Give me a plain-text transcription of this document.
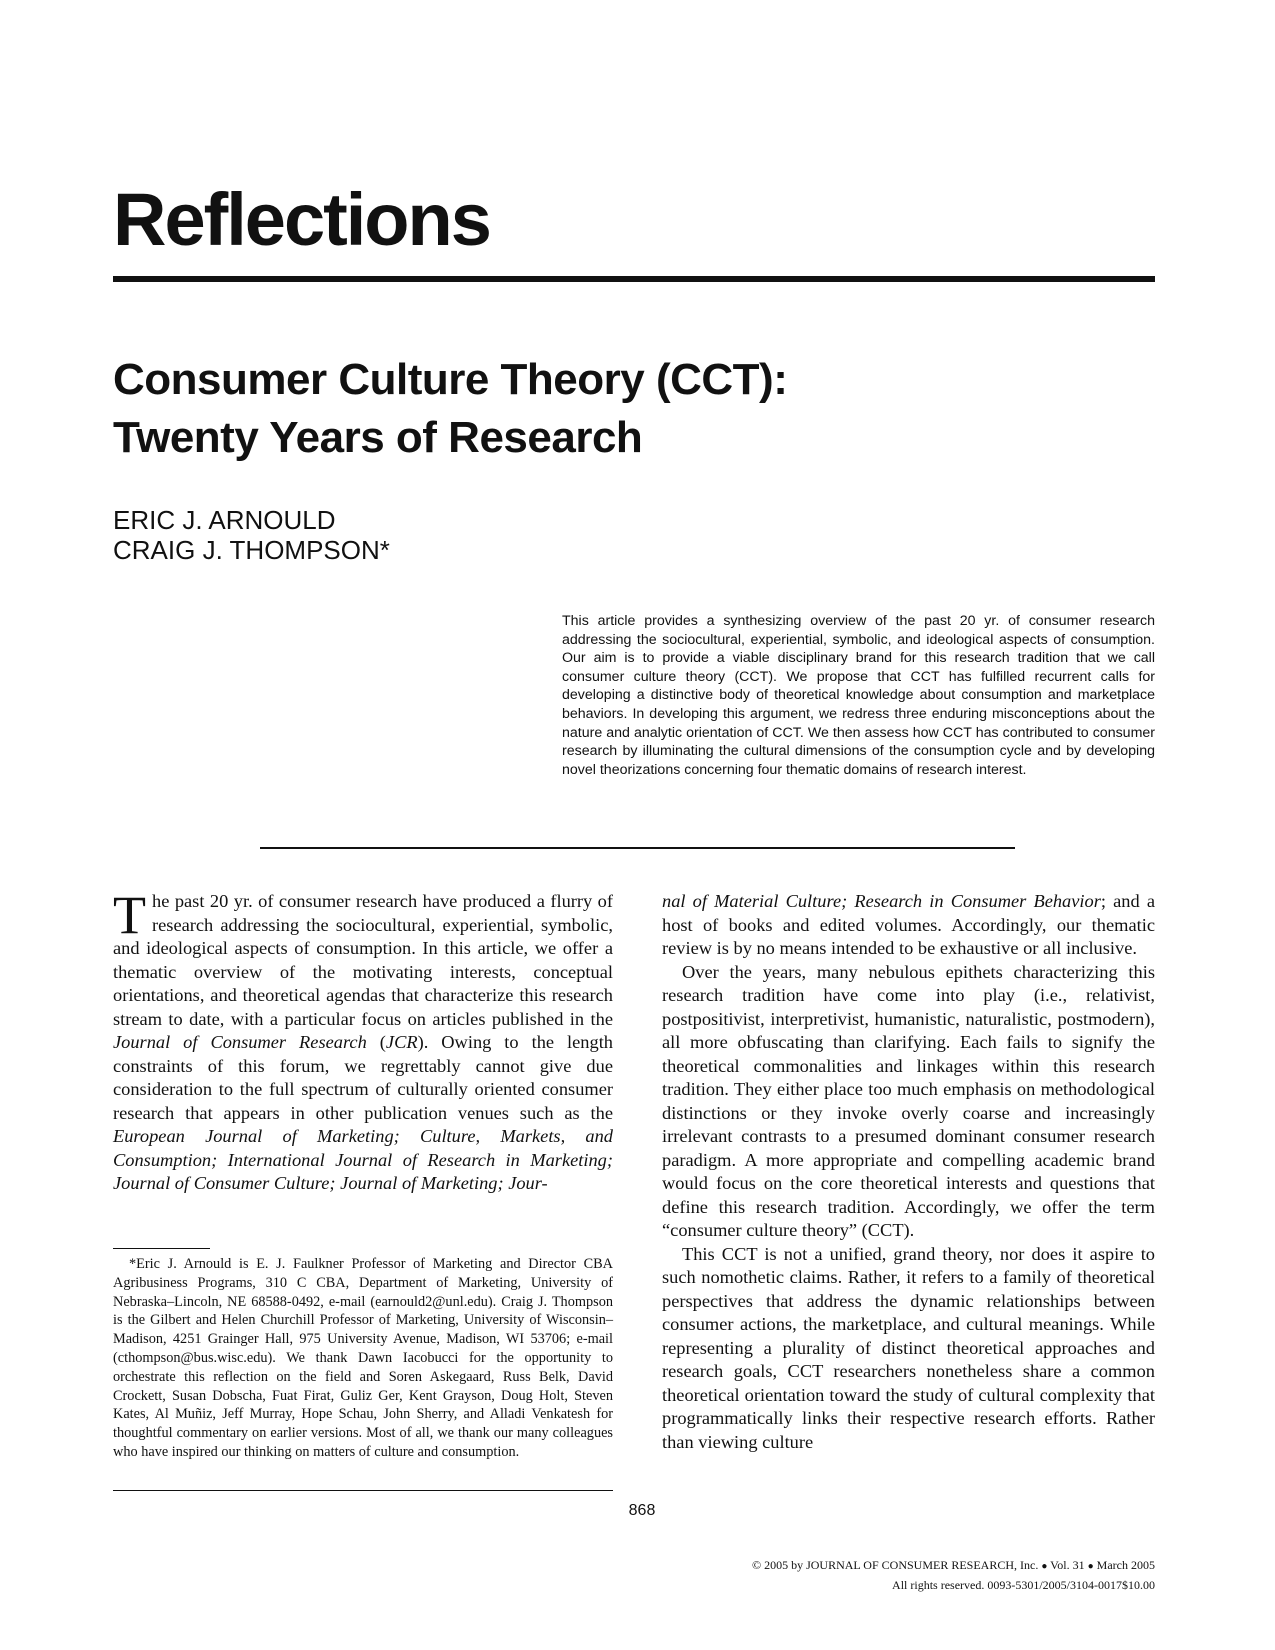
Reflections
Consumer Culture Theory (CCT):
Twenty Years of Research
ERIC J. ARNOULD
CRAIG J. THOMPSON*

This article provides a synthesizing overview of the past 20 yr. of consumer research addressing the sociocultural, experiential, symbolic, and ideological aspects of consumption. Our aim is to provide a viable disciplinary brand for this research tradition that we call consumer culture theory (CCT). We propose that CCT has fulfilled recurrent calls for developing a distinctive body of theoretical knowledge about consumption and marketplace behaviors. In developing this argument, we redress three enduring misconceptions about the nature and analytic orientation of CCT. We then assess how CCT has contributed to consumer research by illuminating the cultural dimensions of the consumption cycle and by developing novel theorizations concerning four thematic domains of research interest.

The past 20 yr. of consumer research have produced a flurry of research addressing the sociocultural, experiential, symbolic, and ideological aspects of consumption. In this article, we offer a thematic overview of the motivating interests, conceptual orientations, and theoretical agendas that characterize this research stream to date, with a particular focus on articles published in the Journal of Consumer Research (JCR). Owing to the length constraints of this forum, we regrettably cannot give due consideration to the full spectrum of culturally oriented consumer research that appears in other publication venues such as the European Journal of Marketing; Culture, Markets, and Consumption; International Journal of Research in Marketing; Journal of Consumer Culture; Journal of Marketing; Jour-

nal of Material Culture; Research in Consumer Behavior; and a host of books and edited volumes. Accordingly, our thematic review is by no means intended to be exhaustive or all inclusive.

Over the years, many nebulous epithets characterizing this research tradition have come into play (i.e., relativist, postpositivist, interpretivist, humanistic, naturalistic, postmodern), all more obfuscating than clarifying. Each fails to signify the theoretical commonalities and linkages within this research tradition. They either place too much emphasis on methodological distinctions or they invoke overly coarse and increasingly irrelevant contrasts to a presumed dominant consumer research paradigm. A more appropriate and compelling academic brand would focus on the core theoretical interests and questions that define this research tradition. Accordingly, we offer the term “consumer culture theory” (CCT).

This CCT is not a unified, grand theory, nor does it aspire to such nomothetic claims. Rather, it refers to a family of theoretical perspectives that address the dynamic relationships between consumer actions, the marketplace, and cultural meanings. While representing a plurality of distinct theoretical approaches and research goals, CCT researchers nonetheless share a common theoretical orientation toward the study of cultural complexity that programmatically links their respective research efforts. Rather than viewing culture

*Eric J. Arnould is E. J. Faulkner Professor of Marketing and Director CBA Agribusiness Programs, 310 C CBA, Department of Marketing, University of Nebraska–Lincoln, NE 68588-0492, e-mail (earnould2@unl.edu). Craig J. Thompson is the Gilbert and Helen Churchill Professor of Marketing, University of Wisconsin–Madison, 4251 Grainger Hall, 975 University Avenue, Madison, WI 53706; e-mail (cthompson@bus.wisc.edu). We thank Dawn Iacobucci for the opportunity to orchestrate this reflection on the field and Soren Askegaard, Russ Belk, David Crockett, Susan Dobscha, Fuat Firat, Guliz Ger, Kent Grayson, Doug Holt, Steven Kates, Al Muñiz, Jeff Murray, Hope Schau, John Sherry, and Alladi Venkatesh for thoughtful commentary on earlier versions. Most of all, we thank our many colleagues who have inspired our thinking on matters of culture and consumption.

868
© 2005 by JOURNAL OF CONSUMER RESEARCH, Inc. ● Vol. 31 ● March 2005
All rights reserved. 0093-5301/2005/3104-0017$10.00
